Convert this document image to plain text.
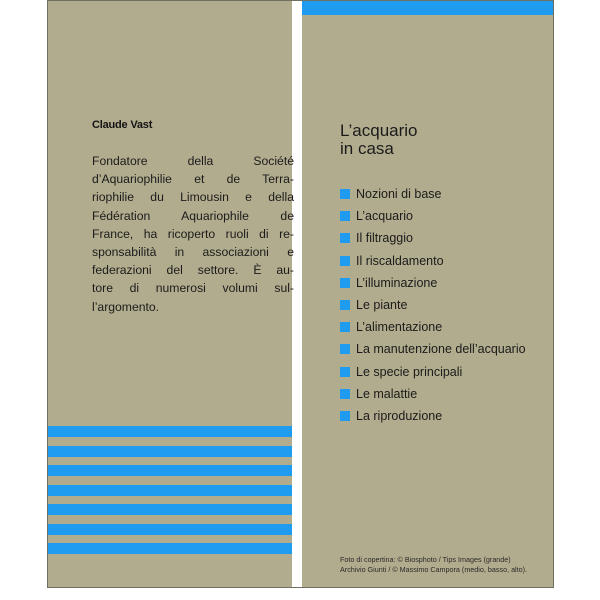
Claude Vast
Fondatore della Société
d’Aquariophilie et de Terra-
riophilie du Limousin e della
Fédération Aquariophile de
France, ha ricoperto ruoli di re-
sponsabilità in associazioni e
federazioni del settore. È au-
tore di numerosi volumi sul-
l’argomento.
L’acquario
in casa
Nozioni di base
L’acquario
Il filtraggio
Il riscaldamento
L’illuminazione
Le piante
L’alimentazione
La manutenzione dell’acquario
Le specie principali
Le malattie
La riproduzione
Foto di copertina: © Biosphoto / Tips Images (grande)
Archivio Giunti / © Massimo Campora (medio, basso, alto).
